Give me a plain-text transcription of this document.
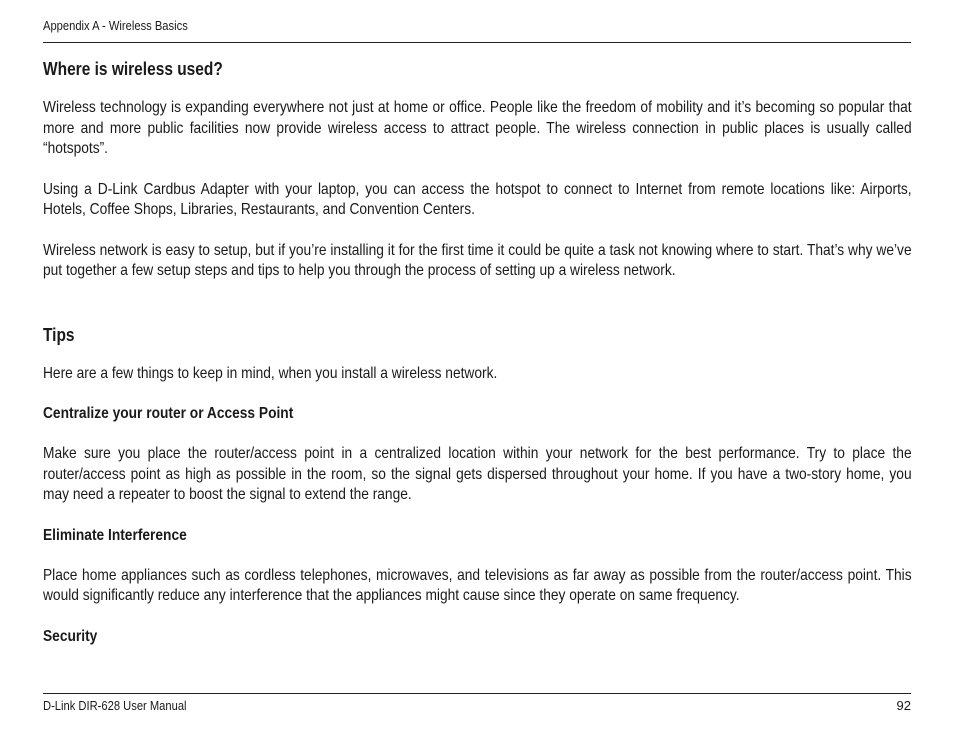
Appendix A - Wireless Basics
Where is wireless used?

Wireless technology is expanding everywhere not just at home or office. People like the freedom of mobility and it’s becoming so popular that more and more public facilities now provide wireless access to attract people. The wireless connection in public places is usually called “hotspots”.

Using a D-Link Cardbus Adapter with your laptop, you can access the hotspot to connect to Internet from remote locations like: Airports, Hotels, Coffee Shops, Libraries, Restaurants, and Convention Centers.

Wireless network is easy to setup, but if you’re installing it for the first time it could be quite a task not knowing where to start. That’s why we’ve put together a few setup steps and tips to help you through the process of setting up a wireless network.

Tips

Here are a few things to keep in mind, when you install a wireless network.

Centralize your router or Access Point

Make sure you place the router/access point in a centralized location within your network for the best performance. Try to place the router/access point as high as possible in the room, so the signal gets dispersed throughout your home. If you have a two-story home, you may need a repeater to boost the signal to extend the range.

Eliminate Interference

Place home appliances such as cordless telephones, microwaves, and televisions as far away as possible from the router/access point. This would significantly reduce any interference that the appliances might cause since they operate on same frequency.

Security
D-Link DIR-628 User Manual	92
